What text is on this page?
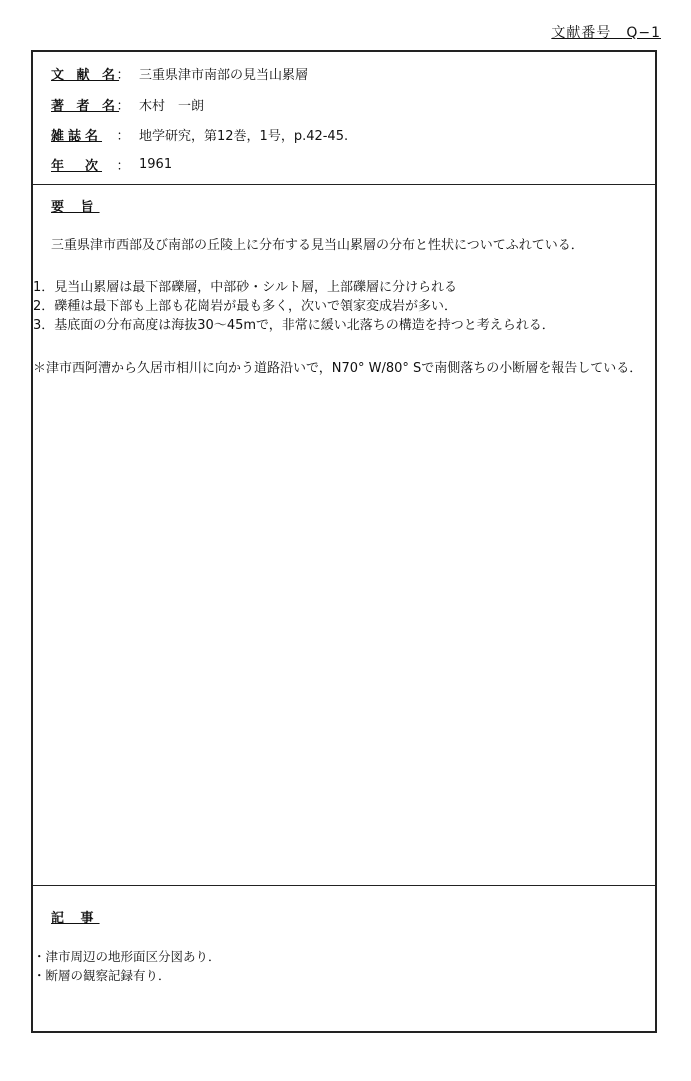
文献番号　Q−1
文 献 名
： 三重県津市南部の見当山累層
著 者 名
： 木村　一朗
雑誌名	： 地学研究，第12巻，1号，p.42-45.
年　次	： 1961
要 旨
三重県津市西部及び南部の丘陵上に分布する見当山累層の分布と性状についてふれている．
1．見当山累層は最下部礫層，中部砂・シルト層，上部礫層に分けられる
2．礫種は最下部も上部も花崗岩が最も多く，次いで領家変成岩が多い．
3．基底面の分布高度は海抜30〜45mで，非常に緩い北落ちの構造を持つと考えられる．
＊津市西阿漕から久居市相川に向かう道路沿いで，N70° W/80° Sで南側落ちの小断層を報告している．
記 事
・津市周辺の地形面区分図あり．
・断層の観察記録有り．
